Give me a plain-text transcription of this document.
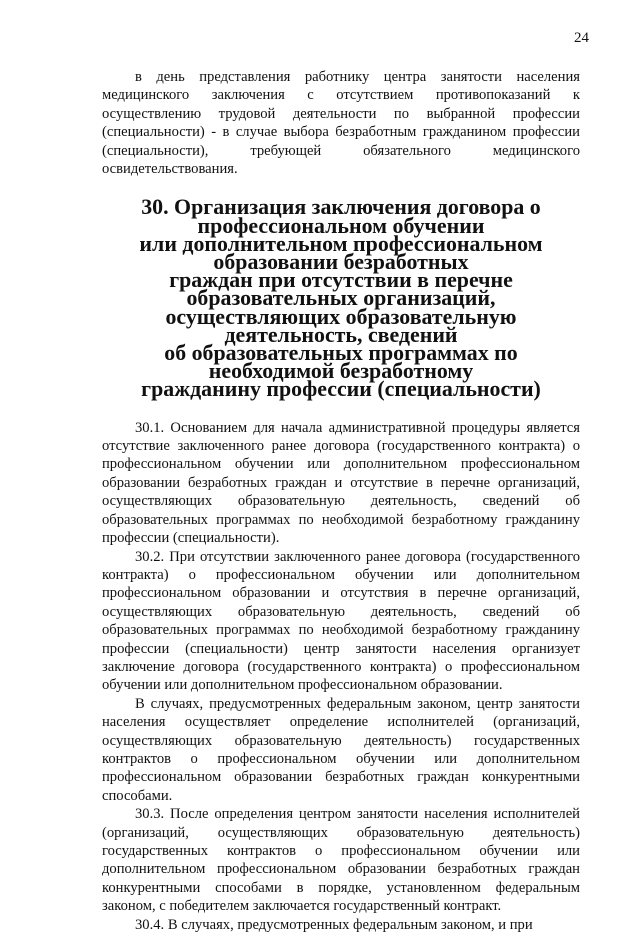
24

в день представления работнику центра занятости населения медицинского заключения с отсутствием противопоказаний к осуществлению трудовой деятельности по выбранной профессии (специальности) - в случае выбора безработным гражданином профессии (специальности), требующей обязательного медицинского освидетельствования.

30. Организация заключения договора о профессиональном обучении
или дополнительном профессиональном образовании безработных
граждан при отсутствии в перечне образовательных организаций,
осуществляющих образовательную деятельность, сведений
об образовательных программах по необходимой безработному
гражданину профессии (специальности)

30.1. Основанием для начала административной процедуры является отсутствие заключенного ранее договора (государственного контракта) о профессиональном обучении или дополнительном профессиональном образовании безработных граждан и отсутствие в перечне организаций, осуществляющих образовательную деятельность, сведений об образовательных программах по необходимой безработному гражданину профессии (специальности).

30.2. При отсутствии заключенного ранее договора (государственного контракта) о профессиональном обучении или дополнительном профессиональном образовании и отсутствия в перечне организаций, осуществляющих образовательную деятельность, сведений об образовательных программах по необходимой безработному гражданину профессии (специальности) центр занятости населения организует заключение договора (государственного контракта) о профессиональном обучении или дополнительном профессиональном образовании.

В случаях, предусмотренных федеральным законом, центр занятости населения осуществляет определение исполнителей (организаций, осуществляющих образовательную деятельность) государственных контрактов о профессиональном обучении или дополнительном профессиональном образовании безработных граждан конкурентными способами.

30.3. После определения центром занятости населения исполнителей (организаций, осуществляющих образовательную деятельность) государственных контрактов о профессиональном обучении или дополнительном профессиональном образовании безработных граждан конкурентными способами в порядке, установленном федеральным законом, с победителем заключается государственный контракт.

30.4. В случаях, предусмотренных федеральным законом, и при
